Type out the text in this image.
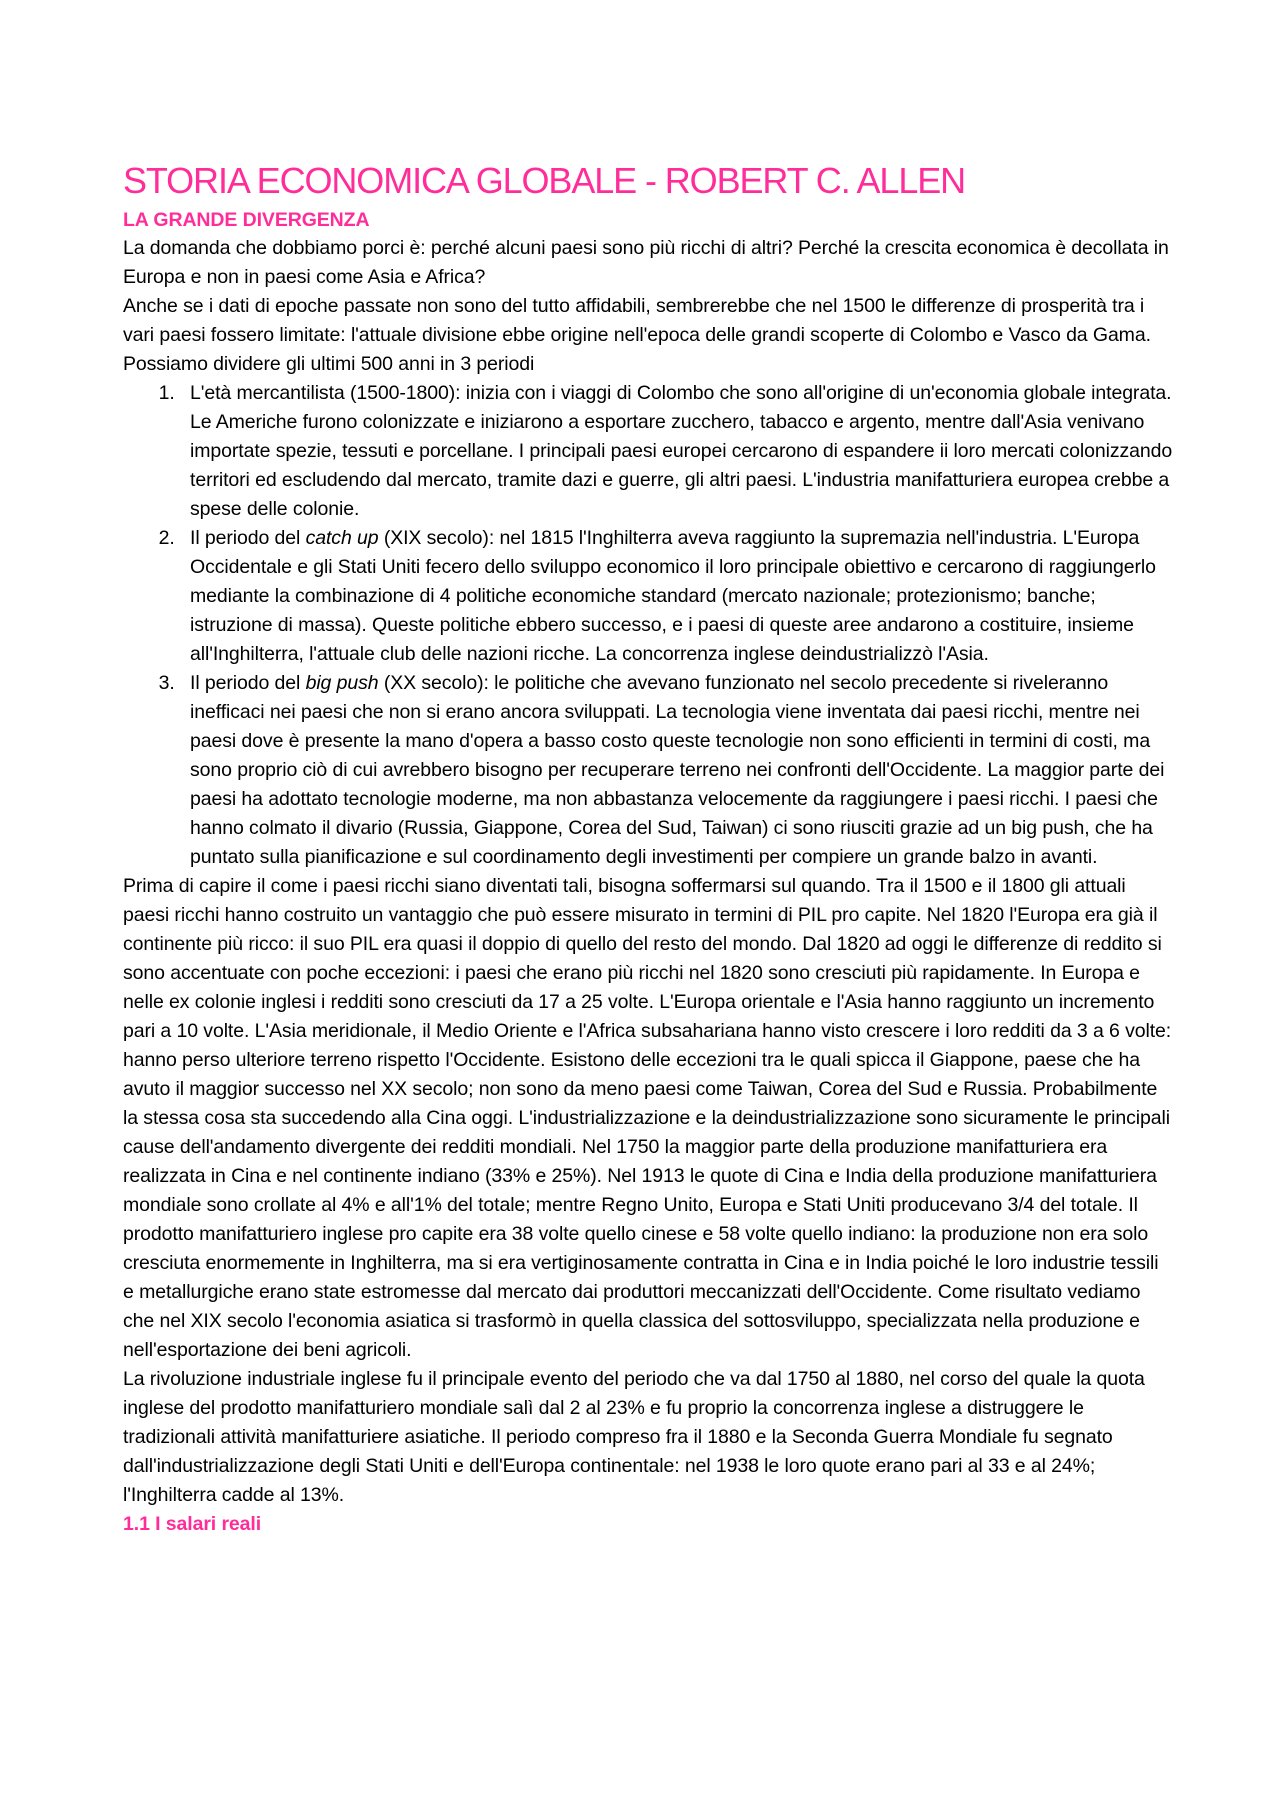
STORIA ECONOMICA GLOBALE - ROBERT C. ALLEN
LA GRANDE DIVERGENZA

La domanda che dobbiamo porci è: perché alcuni paesi sono più ricchi di altri? Perché la crescita economica è decollata in Europa e non in paesi come Asia e Africa?

Anche se i dati di epoche passate non sono del tutto affidabili, sembrerebbe che nel 1500 le differenze di prosperità tra i vari paesi fossero limitate: l'attuale divisione ebbe origine nell'epoca delle grandi scoperte di Colombo e Vasco da Gama.

Possiamo dividere gli ultimi 500 anni in 3 periodi

1. L'età mercantilista (1500-1800): inizia con i viaggi di Colombo che sono all'origine di un'economia globale integrata. Le Americhe furono colonizzate e iniziarono a esportare zucchero, tabacco e argento, mentre dall'Asia venivano importate spezie, tessuti e porcellane. I principali paesi europei cercarono di espandere ii loro mercati colonizzando territori ed escludendo dal mercato, tramite dazi e guerre, gli altri paesi. L'industria manifatturiera europea crebbe a spese delle colonie.
2. Il periodo del catch up (XIX secolo): nel 1815 l'Inghilterra aveva raggiunto la supremazia nell'industria. L'Europa Occidentale e gli Stati Uniti fecero dello sviluppo economico il loro principale obiettivo e cercarono di raggiungerlo mediante la combinazione di 4 politiche economiche standard (mercato nazionale; protezionismo; banche; istruzione di massa). Queste politiche ebbero successo, e i paesi di queste aree andarono a costituire, insieme all'Inghilterra, l'attuale club delle nazioni ricche. La concorrenza inglese deindustrializzò l'Asia.
3. Il periodo del big push (XX secolo): le politiche che avevano funzionato nel secolo precedente si riveleranno inefficaci nei paesi che non si erano ancora sviluppati. La tecnologia viene inventata dai paesi ricchi, mentre nei paesi dove è presente la mano d'opera a basso costo queste tecnologie non sono efficienti in termini di costi, ma sono proprio ciò di cui avrebbero bisogno per recuperare terreno nei confronti dell'Occidente. La maggior parte dei paesi ha adottato tecnologie moderne, ma non abbastanza velocemente da raggiungere i paesi ricchi. I paesi che hanno colmato il divario (Russia, Giappone, Corea del Sud, Taiwan) ci sono riusciti grazie ad un big push, che ha puntato sulla pianificazione e sul coordinamento degli investimenti per compiere un grande balzo in avanti.

Prima di capire il come i paesi ricchi siano diventati tali, bisogna soffermarsi sul quando. Tra il 1500 e il 1800 gli attuali paesi ricchi hanno costruito un vantaggio che può essere misurato in termini di PIL pro capite. Nel 1820 l'Europa era già il continente più ricco: il suo PIL era quasi il doppio di quello del resto del mondo. Dal 1820 ad oggi le differenze di reddito si sono accentuate con poche eccezioni: i paesi che erano più ricchi nel 1820 sono cresciuti più rapidamente. In Europa e nelle ex colonie inglesi i redditi sono cresciuti da 17 a 25 volte. L'Europa orientale e l'Asia hanno raggiunto un incremento pari a 10 volte. L'Asia meridionale, il Medio Oriente e l'Africa subsahariana hanno visto crescere i loro redditi da 3 a 6 volte: hanno perso ulteriore terreno rispetto l'Occidente. Esistono delle eccezioni tra le quali spicca il Giappone, paese che ha avuto il maggior successo nel XX secolo; non sono da meno paesi come Taiwan, Corea del Sud e Russia. Probabilmente la stessa cosa sta succedendo alla Cina oggi. L'industrializzazione e la deindustrializzazione sono sicuramente le principali cause dell'andamento divergente dei redditi mondiali. Nel 1750 la maggior parte della produzione manifatturiera era realizzata in Cina e nel continente indiano (33% e 25%). Nel 1913 le quote di Cina e India della produzione manifatturiera mondiale sono crollate al 4% e all'1% del totale; mentre Regno Unito, Europa e Stati Uniti producevano 3/4 del totale. Il prodotto manifatturiero inglese pro capite era 38 volte quello cinese e 58 volte quello indiano: la produzione non era solo cresciuta enormemente in Inghilterra, ma si era vertiginosamente contratta in Cina e in India poiché le loro industrie tessili e metallurgiche erano state estromesse dal mercato dai produttori meccanizzati dell'Occidente. Come risultato vediamo che nel XIX secolo l'economia asiatica si trasformò in quella classica del sottosviluppo, specializzata nella produzione e nell'esportazione dei beni agricoli.

La rivoluzione industriale inglese fu il principale evento del periodo che va dal 1750 al 1880, nel corso del quale la quota inglese del prodotto manifatturiero mondiale salì dal 2 al 23% e fu proprio la concorrenza inglese a distruggere le tradizionali attività manifatturiere asiatiche. Il periodo compreso fra il 1880 e la Seconda Guerra Mondiale fu segnato dall'industrializzazione degli Stati Uniti e dell'Europa continentale: nel 1938 le loro quote erano pari al 33 e al 24%; l'Inghilterra cadde al 13%.

1.1 I salari reali
